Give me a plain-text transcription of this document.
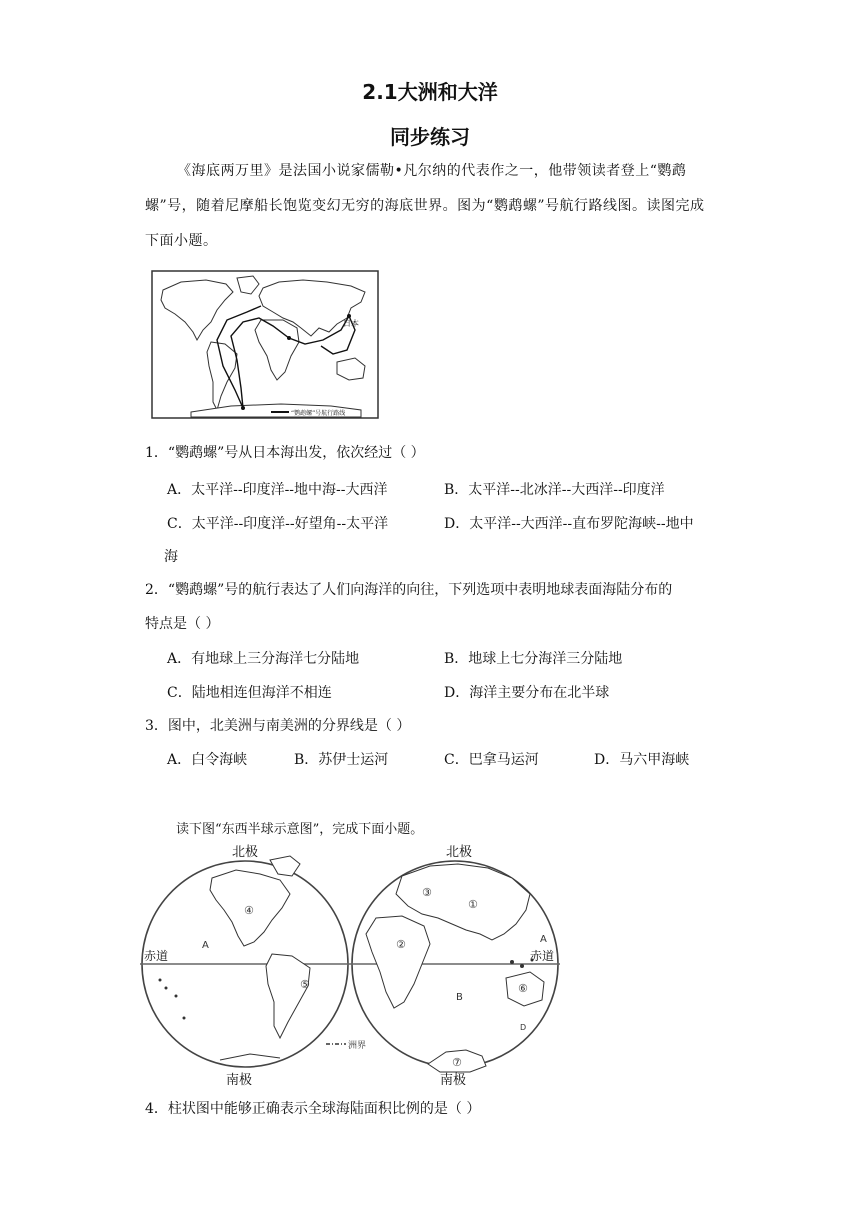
2.1大洲和大洋
同步练习
《海底两万里》是法国小说家儒勒•凡尔纳的代表作之一，他带领读者登上“鹦鹉螺”号，随着尼摩船长饱览变幻无穷的海底世界。图为“鹦鹉螺”号航行路线图。读图完成下面小题。
日本
“鹦鹉螺”号航行路线
1．“鹦鹉螺”号从日本海出发，依次经过（ ）
A．太平洋--印度洋--地中海--大西洋	B．太平洋--北冰洋--大西洋--印度洋
C．太平洋--印度洋--好望角--太平洋	D．太平洋--大西洋--直布罗陀海峡--地中
海
2．“鹦鹉螺”号的航行表达了人们向海洋的向往，下列选项中表明地球表面海陆分布的
特点是（ ）
A．有地球上三分海洋七分陆地	B．地球上七分海洋三分陆地
C．陆地相连但海洋不相连	D．海洋主要分布在北半球
3．图中，北美洲与南美洲的分界线是（ ）
A．白令海峡	B．苏伊士运河	C．巴拿马运河	D．马六甲海峡
读下图“东西半球示意图”，完成下面小题。
北极	北极
南极	南极
赤道	赤道
A
④
⑤
①
②
③
⑥
⑦
A
B
D
洲界
4．柱状图中能够正确表示全球海陆面积比例的是（ ）
